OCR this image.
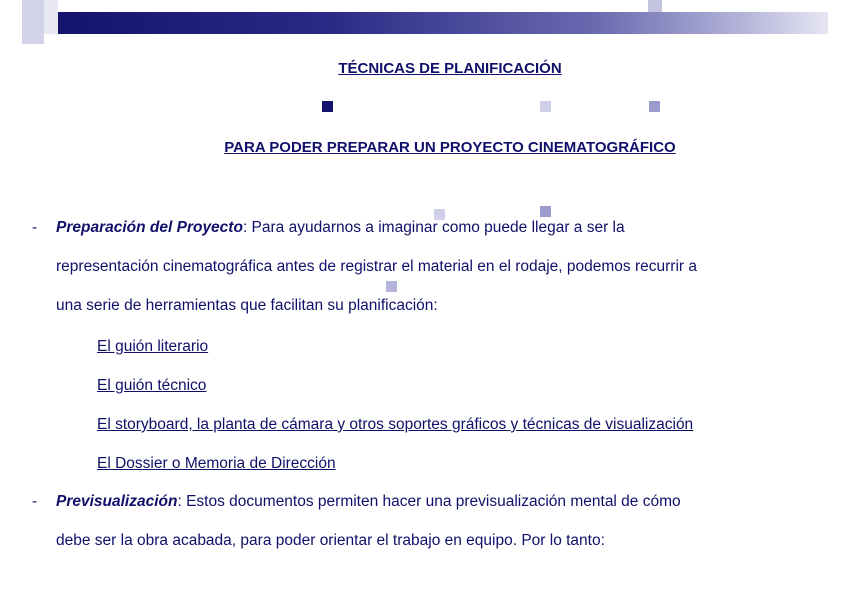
TÉCNICAS DE PLANIFICACIÓN
PARA PODER PREPARAR UN PROYECTO CINEMATOGRÁFICO
- Preparación del Proyecto: Para ayudarnos a imaginar como puede llegar a ser la
representación cinematográfica antes de registrar el material en el rodaje, podemos recurrir a
una serie de herramientas que facilitan su planificación:
El guión literario
El guión técnico
El storyboard, la planta de cámara y otros soportes gráficos y técnicas de visualización
El Dossier o Memoria de Dirección
- Previsualización: Estos documentos permiten hacer una previsualización mental de cómo
debe ser la obra acabada, para poder orientar el trabajo en equipo. Por lo tanto:
